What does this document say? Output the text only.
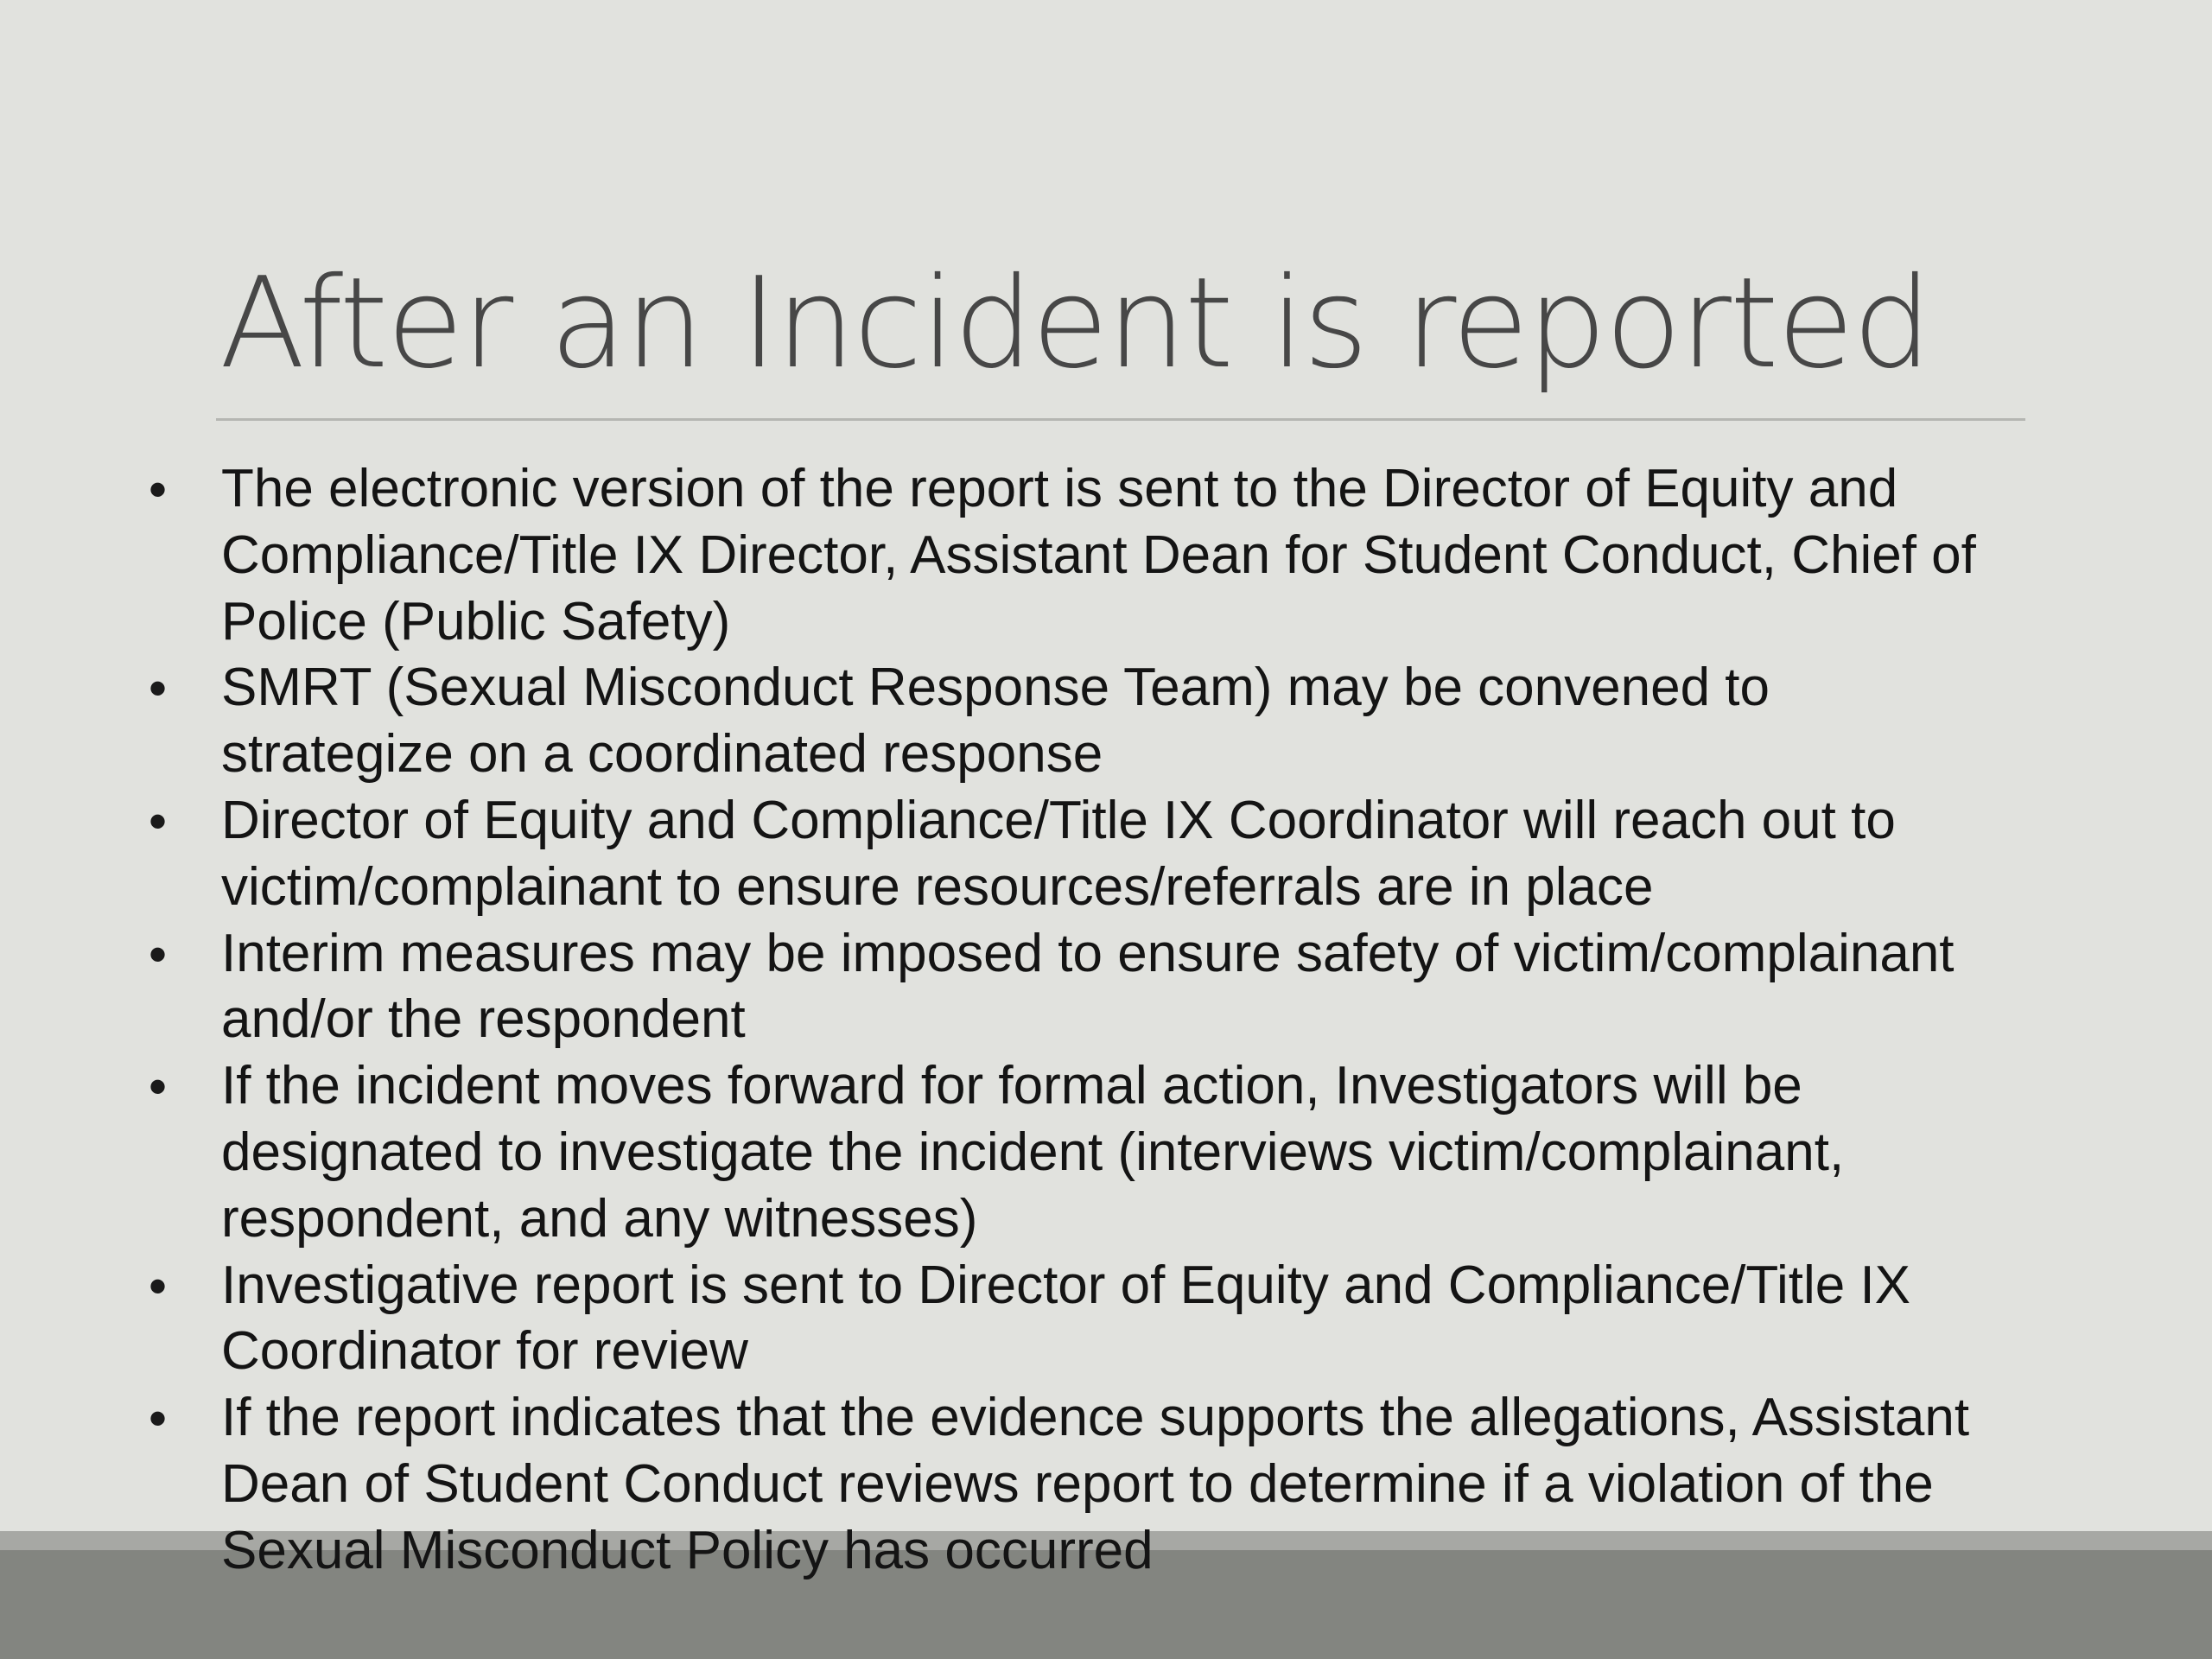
After an Incident is reported
• The electronic version of the report is sent to the Director of Equity and
Compliance/Title IX Director, Assistant Dean for Student Conduct, Chief of
Police (Public Safety)
• SMRT (Sexual Misconduct Response Team) may be convened to
strategize on a coordinated response
• Director of Equity and Compliance/Title IX Coordinator will reach out to
victim/complainant to ensure resources/referrals are in place
• Interim measures may be imposed to ensure safety of victim/complainant
and/or the respondent
• If the incident moves forward for formal action, Investigators will be
designated to investigate the incident (interviews victim/complainant,
respondent, and any witnesses)
• Investigative report is sent to Director of Equity and Compliance/Title IX
Coordinator for review
• If the report indicates that the evidence supports the allegations, Assistant
Dean of Student Conduct reviews report to determine if a violation of the
Sexual Misconduct Policy has occurred
